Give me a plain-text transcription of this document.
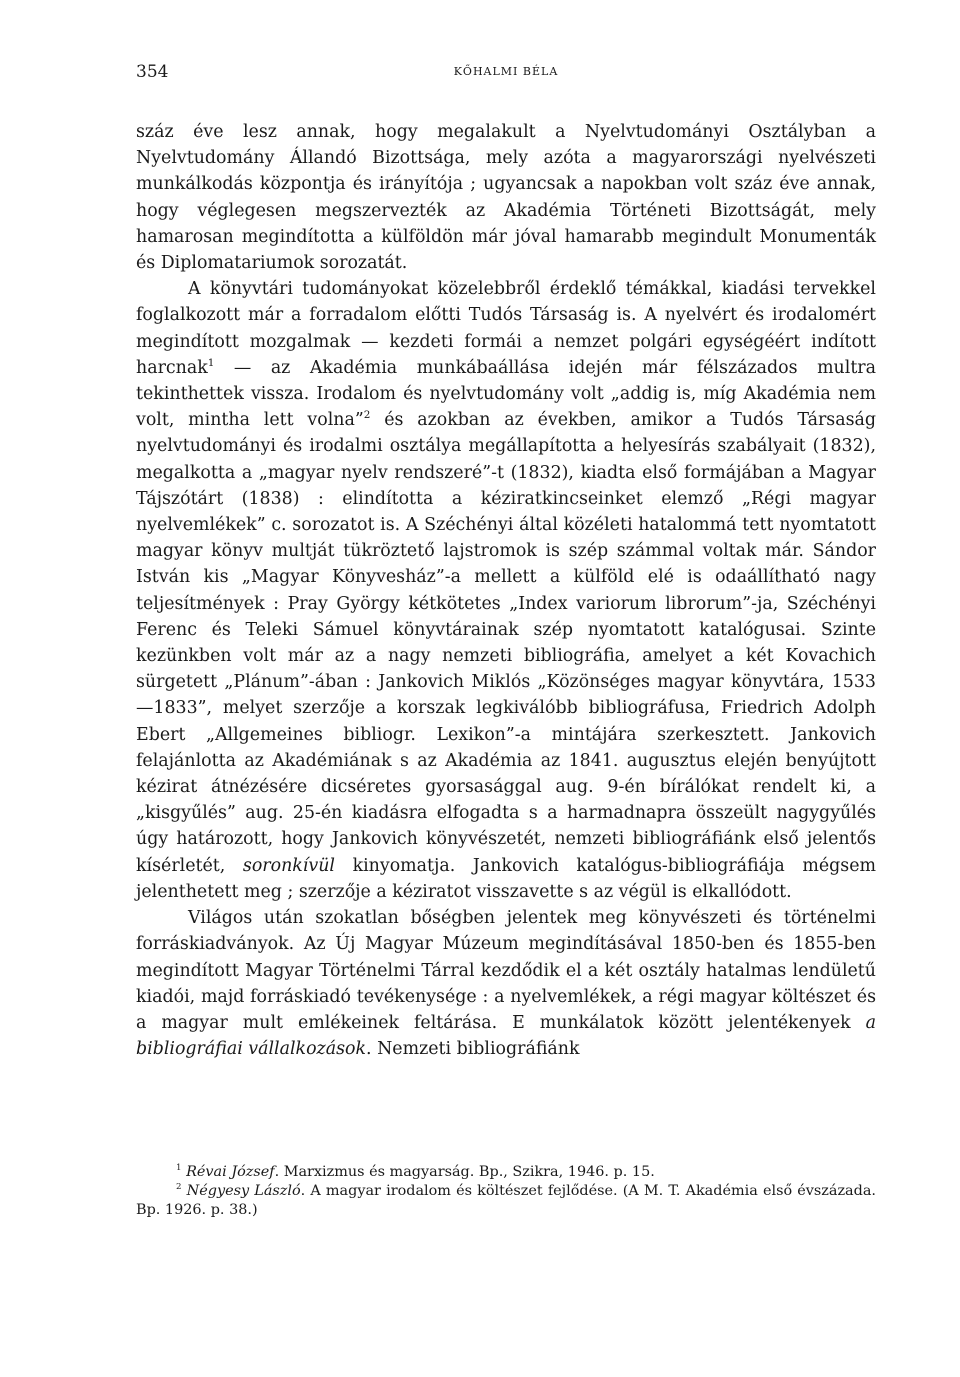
354	KŐHALMI BÉLA

száz éve lesz annak, hogy megalakult a Nyelvtudományi Osztályban a Nyelvtudomány Állandó Bizottsága, mely azóta a magyarországi nyelvészeti munkálkodás központja és irányítója ; ugyancsak a napokban volt száz éve annak, hogy véglegesen megszervezték az Akadémia Történeti Bizottságát, mely hamarosan megindította a külföldön már jóval hamarabb megindult Monumenták és Diplomatariumok sorozatát.

A könyvtári tudományokat közelebbről érdeklő témákkal, kiadási tervekkel foglalkozott már a forradalom előtti Tudós Társaság is. A nyelvért és irodalomért megindított mozgalmak — kezdeti formái a nemzet polgári egységéért indított harcnak$^1$ — az Akadémia munkábaállása idején már félszázados multra tekinthettek vissza. Irodalom és nyelvtudomány volt „addig is, míg Akadémia nem volt, mintha lett volna”$^2$ és azokban az években, amikor a Tudós Társaság nyelvtudományi és irodalmi osztálya megállapította a helyesírás szabályait (1832), megalkotta a „magyar nyelv rendszeré”-t (1832), kiadta első formájában a Magyar Tájszótárt (1838) : elindította a kéziratkincseinket elemző „Régi magyar nyelvemlékek” c. sorozatot is. A Széchényi által közéleti hatalommá tett nyomtatott magyar könyv multját tükröztető lajstromok is szép számmal voltak már. Sándor István kis „Magyar Könyvesház”-a mellett a külföld elé is odaállítható nagy teljesítmények : Pray György kétkötetes „Index variorum librorum”-ja, Széchényi Ferenc és Teleki Sámuel könyvtárainak szép nyomtatott katalógusai. Szinte kezünkben volt már az a nagy nemzeti bibliográfia, amelyet a két Kovachich sürgetett „Plánum”-ában : Jankovich Miklós „Közönséges magyar könyvtára, 1533—1833”, melyet szerzője a korszak legkiválóbb bibliográfusa, Friedrich Adolph Ebert „Allgemeines bibliogr. Lexikon”-a mintájára szerkesztett. Jankovich felajánlotta az Akadémiának s az Akadémia az 1841. augusztus elején benyújtott kézirat átnézésére dicséretes gyorsasággal aug. 9-én bírálókat rendelt ki, a „kisgyűlés” aug. 25-én kiadásra elfogadta s a harmadnapra összeült nagygyűlés úgy határozott, hogy Jankovich könyvészetét, nemzeti bibliográfiánk első jelentős kísérletét, soronkívül kinyomatja. Jankovich katalógus-bibliográfiája mégsem jelenthetett meg ; szerzője a kéziratot visszavette s az végül is elkallódott.

Világos után szokatlan bőségben jelentek meg könyvészeti és történelmi forráskiadványok. Az Új Magyar Múzeum megindításával 1850-ben és 1855-ben megindított Magyar Történelmi Tárral kezdődik el a két osztály hatalmas lendületű kiadói, majd forráskiadó tevékenysége : a nyelvemlékek, a régi magyar költészet és a magyar mult emlékeinek feltárása. E munkálatok között jelentékenyek a bibliográfiai vállalkozások. Nemzeti bibliográfiánk

$^1$ Révai József. Marxizmus és magyarság. Bp., Szikra, 1946. p. 15.

$^2$ Négyesy László. A magyar irodalom és költészet fejlődése. (A M. T. Akadémia első évszázada. Bp. 1926. p. 38.)
